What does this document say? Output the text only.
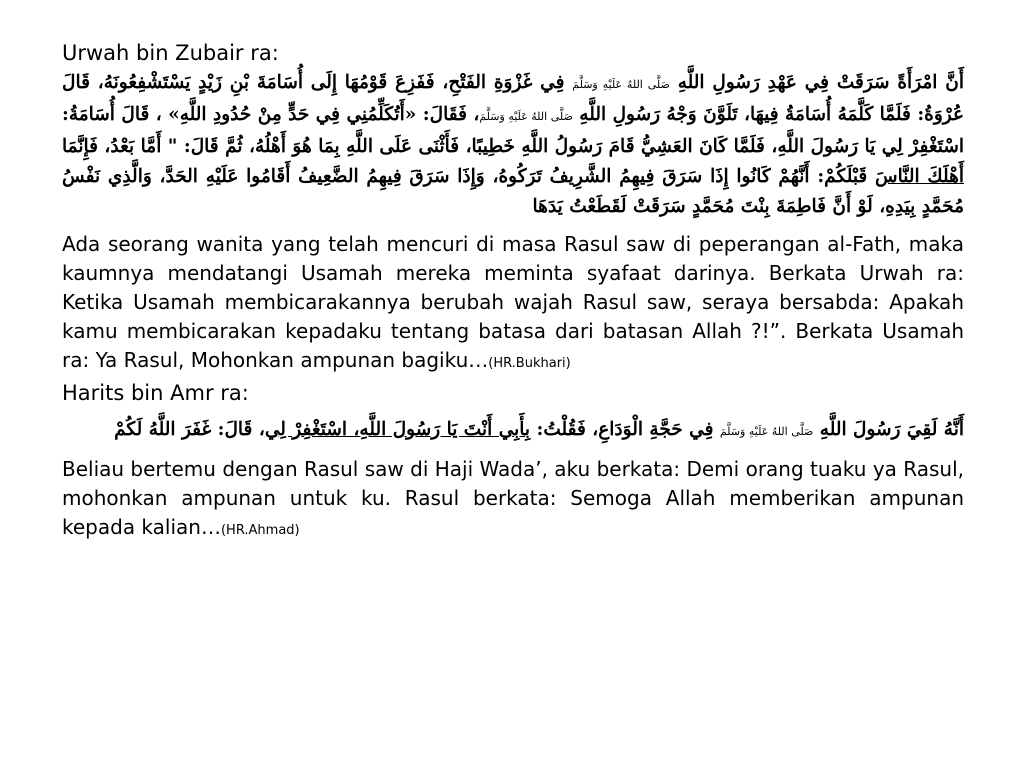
Urwah bin Zubair ra:

أَنَّ امْرَأَةً سَرَقَتْ فِي عَهْدِ رَسُولِ اللَّهِ صَلَّى اللهُ عَلَيْهِ وَسَلَّمَ فِي غَزْوَةِ الفَتْحِ، فَفَزِعَ قَوْمُهَا إِلَى أُسَامَةَ بْنِ زَيْدٍ يَسْتَشْفِعُونَهُ، قَالَ عُرْوَةُ: فَلَمَّا كَلَّمَهُ أُسَامَةُ فِيهَا، تَلَوَّنَ وَجْهُ رَسُولِ اللَّهِ صَلَّى اللهُ عَلَيْهِ وَسَلَّمَ، فَقَالَ: «أَتُكَلِّمُنِي فِي حَدٍّ مِنْ حُدُودِ اللَّهِ» ، قَالَ أُسَامَةُ: اسْتَغْفِرْ لِي يَا رَسُولَ اللَّهِ، فَلَمَّا كَانَ العَشِيُّ قَامَ رَسُولُ اللَّهِ خَطِيبًا، فَأَثْنَى عَلَى اللَّهِ بِمَا هُوَ أَهْلُهُ، ثُمَّ قَالَ: " أَمَّا بَعْدُ، فَإِنَّمَا أَهْلَكَ النَّاسَ قَبْلَكُمْ: أَنَّهُمْ كَانُوا إِذَا سَرَقَ فِيهِمُ الشَّرِيفُ تَرَكُوهُ، وَإِذَا سَرَقَ فِيهِمُ الضَّعِيفُ أَقَامُوا عَلَيْهِ الحَدَّ، وَالَّذِي نَفْسُ مُحَمَّدٍ بِيَدِهِ، لَوْ أَنَّ فَاطِمَةَ بِنْتَ مُحَمَّدٍ سَرَقَتْ لَقَطَعْتُ يَدَهَا

Ada seorang wanita yang telah mencuri di masa Rasul saw di peperangan al-Fath, maka kaumnya mendatangi Usamah mereka meminta syafaat darinya. Berkata Urwah ra: Ketika Usamah membicarakannya berubah wajah Rasul saw, seraya bersabda: Apakah kamu membicarakan kepadaku tentang batasa dari batasan Allah ?!”. Berkata Usamah ra: Ya Rasul, Mohonkan ampunan bagiku…(HR.Bukhari)

Harits bin Amr ra:

أَنَّهُ لَقِيَ رَسُولَ اللَّهِ صَلَّى اللهُ عَلَيْهِ وَسَلَّمَ فِي حَجَّةِ الْوَدَاعِ، فَقُلْتُ: بِأَبِي أَنْتَ يَا رَسُولَ اللَّهِ، اسْتَغْفِرْ لِي، قَالَ: غَفَرَ اللَّهُ لَكُمْ

Beliau bertemu dengan Rasul saw di Haji Wada’, aku berkata: Demi orang tuaku ya Rasul, mohonkan ampunan untuk ku. Rasul berkata: Semoga Allah memberikan ampunan kepada kalian…(HR.Ahmad)
